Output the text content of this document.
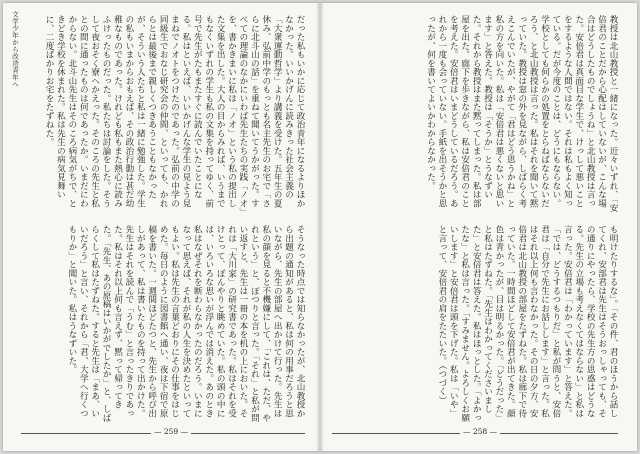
文学少年から改造青年へ	だった私もいかに応じて政治青年になるよりほかなかった。いいかげんに読みきった社会主義の「大衆運動哲学」より講義を受けた。五年生の夏休み、弘前中学のもっとも名主先生のお宅で「さらに北斗山の話」を重ねて聞いてうかがった。すべての理論のなかにいわば先生たちの実践「ノオ」を、書かきまいに私は「ノオ」という私の提出した文集を出した。大人の目からみれば、いうまでもなくいずれの学生も私の文集を持ってゆく、前号で先生がたもまたすぐに読んでいたことになる。私はといえば、いいかげんな学生の見よう見まねでノオトをつけたのであった。弘前の中学の同級生でおなじ研究会の仲間、といっても、かれらとは最後まで親しくつきあうこともなかったが、そういう人たちと私は一緒に勉強した。学生の私もいまからおもえば、その政治行動は甚だ幼稚なものであった。けれども私もまた熱心に読みふけったものだった。私たちは討論をした。そうして夜おそく寮へかえった。そのころの先生と私との間に通ったものは何であったか。いまだにわからない。北斗山先生はそのころ病気がちで、ときどき学校を休まれた。私は先生の病気見舞いに、二度ばかりお宅をたずねた。
そうなった時点では知らなかったが、北山教授から出題の通知があると、私は何の用事だろうと思いながら、先生の部屋へ出かけて行った。先生は私の顔を見ると不機嫌にして、「これは、ただ、やれという」と、ぽつりと言った。「それ」と私が問い返すと、先生は一冊の本を机の上においた。それは「大川家」の研究書であった。私はそれを受けとって、ぼんやりと眺めていた。私の頭の中には、いろいろな思いが浮んでは消えた。あのとき私はなぜそれを断わらなかったのだろう。いまになって思えば、それが私の人生を決めたといってもよい。私は先生の言葉どおりにその仕事をはじめた。毎日のように図書館へ通い、夜は下宿で原稿を書いた。一週間ほどたつと、先生から呼び出しがあって、私は書いたものを持って出かけた。先生はそれを読んで「うむ」と言ったきりであった。私はそれ以上何も言えず、黙って帰ってきた。「先生、あの原稿はいかがでしたか」と、しばらくして私はたずねた。すると先生は「まあ、いいだろう」と言い、それから「君、大学へ行くつもりか」と聞いた。私はうなずいた。
— 259 —
教授は北山教授と一緒になった。近々いずれ、「安倍君のことだから心配はしていないが、こんな場合はどうしたものでしょうね」と北山教授は言った。安倍君は真面目な学生で、けっして悪いことをするような人間ではない。それは私もよく知っている。だが今度のことは、どうにもならない。学校としても何らかの処置をとらねばならないだろう、と北山教授は言った。私はそれを聞いて黙っていた。教授は窓の外を見ながら、しばらく考えこんでいたが、やがて「君はどう思うかね」と私の方を向いた。私は「安倍君は悪くないと思います」と答えた。教授は「そうか」とうなずいた。それから教授はまた黙ってしまった。私は部屋を出た。廊下を歩きながら、私は安倍君のことを考えた。安倍君はいまどうしているだろう。あれから一度も会っていない。手紙を出そうかと思ったが、何を書いてよいかわからなかった。
も明けたりするな」。「その件、君のほうから話してくれ、安部君は先生はそうおっしゃっても、その通りにやったら、学校の先生方の思惑はどうなる。先生の立場も考えなくてはならない」と私は言った。安倍君は「わかっています」と答えた。「では、どうするつもりだ」と私が問うと、安倍君は「自分で先生にお話しします」と言った。私はそれ以上何も言わなかった。その日の夕方、安倍君は北山教授の部屋をたずねた。私は廊下で待っていた。一時間ほどして安倍君が出てきた。顔色は青かったが、目は明るかった。「どうだった」と私はたずねた。「先生はわかってくださいました」と安倍君は答えた。私はほっとした。「よかったな」と私は言った。「すみません。よろしくお願いします」と安倍君は頭を下げた。私は「いや」と言って、安倍君の肩をたたいた。（つづく）
— 258 —
